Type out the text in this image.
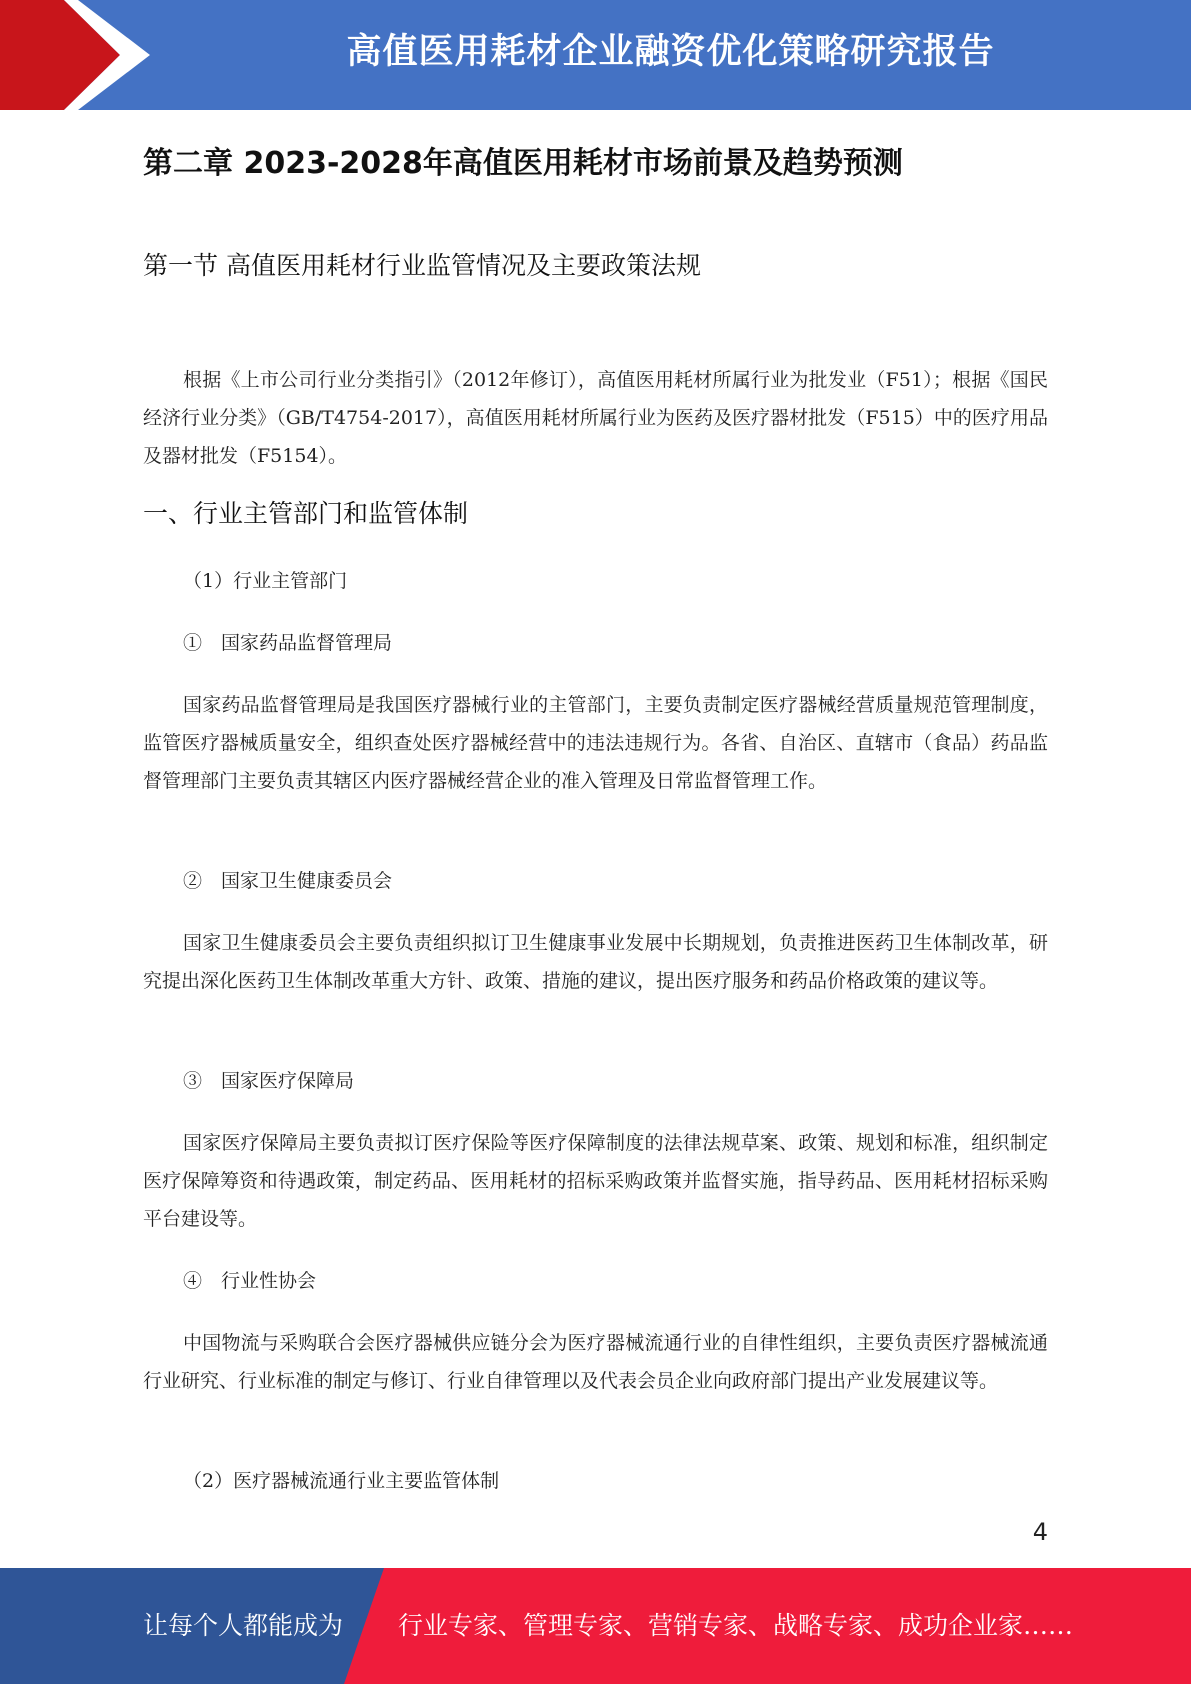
高值医用耗材企业融资优化策略研究报告
第二章 2023-2028年高值医用耗材市场前景及趋势预测
第一节 高值医用耗材行业监管情况及主要政策法规

根据《上市公司行业分类指引》（2012年修订），高值医用耗材所属行业为批发业（F51）；根据《国民经济行业分类》（GB/T4754-2017），高值医用耗材所属行业为医药及医疗器材批发（F515）中的医疗用品及器材批发（F5154）。

一、行业主管部门和监管体制
（1）行业主管部门
①　国家药品监督管理局

国家药品监督管理局是我国医疗器械行业的主管部门，主要负责制定医疗器械经营质量规范管理制度，监管医疗器械质量安全，组织查处医疗器械经营中的违法违规行为。各省、自治区、直辖市（食品）药品监督管理部门主要负责其辖区内医疗器械经营企业的准入管理及日常监督管理工作。

②　国家卫生健康委员会

国家卫生健康委员会主要负责组织拟订卫生健康事业发展中长期规划，负责推进医药卫生体制改革，研究提出深化医药卫生体制改革重大方针、政策、措施的建议，提出医疗服务和药品价格政策的建议等。

③　国家医疗保障局

国家医疗保障局主要负责拟订医疗保险等医疗保障制度的法律法规草案、政策、规划和标准，组织制定医疗保障筹资和待遇政策，制定药品、医用耗材的招标采购政策并监督实施，指导药品、医用耗材招标采购平台建设等。

④　行业性协会

中国物流与采购联合会医疗器械供应链分会为医疗器械流通行业的自律性组织，主要负责医疗器械流通行业研究、行业标准的制定与修订、行业自律管理以及代表会员企业向政府部门提出产业发展建议等。

（2）医疗器械流通行业主要监管体制
4
让每个人都能成为 行业专家、管理专家、营销专家、战略专家、成功企业家……
